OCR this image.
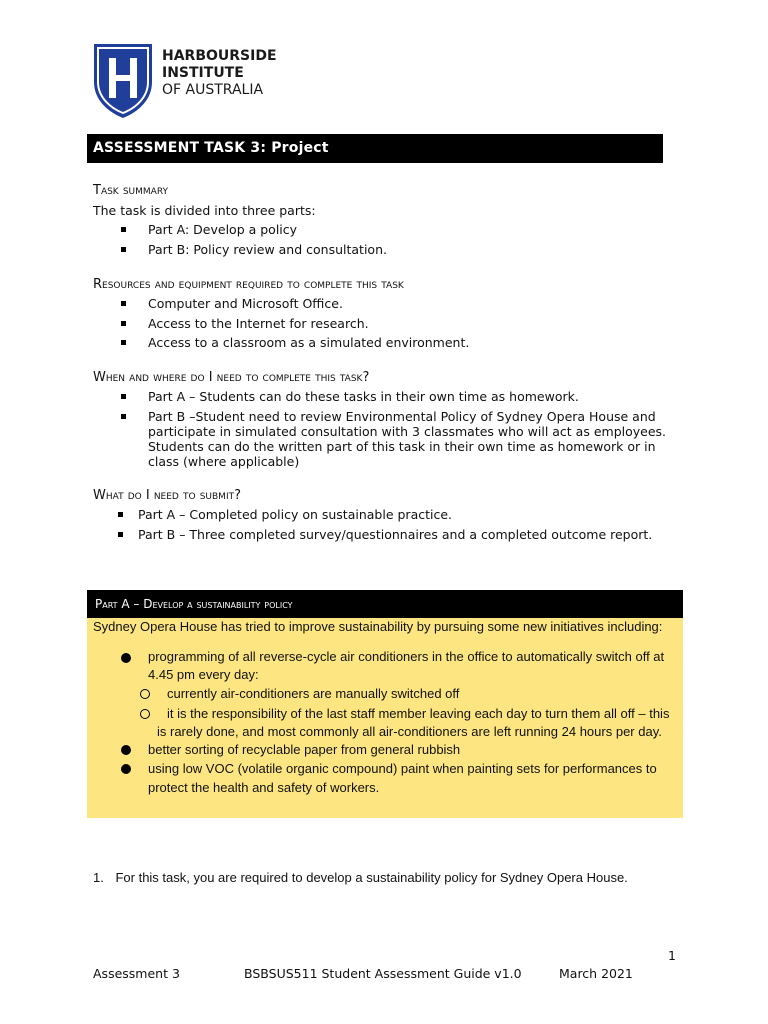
HARBOURSIDE
INSTITUTE
OF AUSTRALIA
ASSESSMENT TASK 3: Project
Task summary
The task is divided into three parts:
Part A: Develop a policy
Part B: Policy review and consultation.
Resources and equipment required to complete this task
Computer and Microsoft Office.
Access to the Internet for research.
Access to a classroom as a simulated environment.
When and where do I need to complete this task?
Part A – Students can do these tasks in their own time as homework.
Part B –Student need to review Environmental Policy of Sydney Opera House and participate in simulated consultation with 3 classmates who will act as employees. Students can do the written part of this task in their own time as homework or in class (where applicable)
What do I need to submit?
Part A – Completed policy on sustainable practice.
Part B – Three completed survey/questionnaires and a completed outcome report.
Part A – Develop a sustainability policy
Sydney Opera House has tried to improve sustainability by pursuing some new initiatives including:
programming of all reverse-cycle air conditioners in the office to automatically switch off at
4.45 pm every day:
currently air-conditioners are manually switched off
it is the responsibility of the last staff member leaving each day to turn them all off – this
is rarely done, and most commonly all air-conditioners are left running 24 hours per day.
better sorting of recyclable paper from general rubbish
using low VOC (volatile organic compound) paint when painting sets for performances to
protect the health and safety of workers.
1. For this task, you are required to develop a sustainability policy for Sydney Opera House.
1
Assessment 3	BSBSUS511 Student Assessment Guide v1.0	March 2021
